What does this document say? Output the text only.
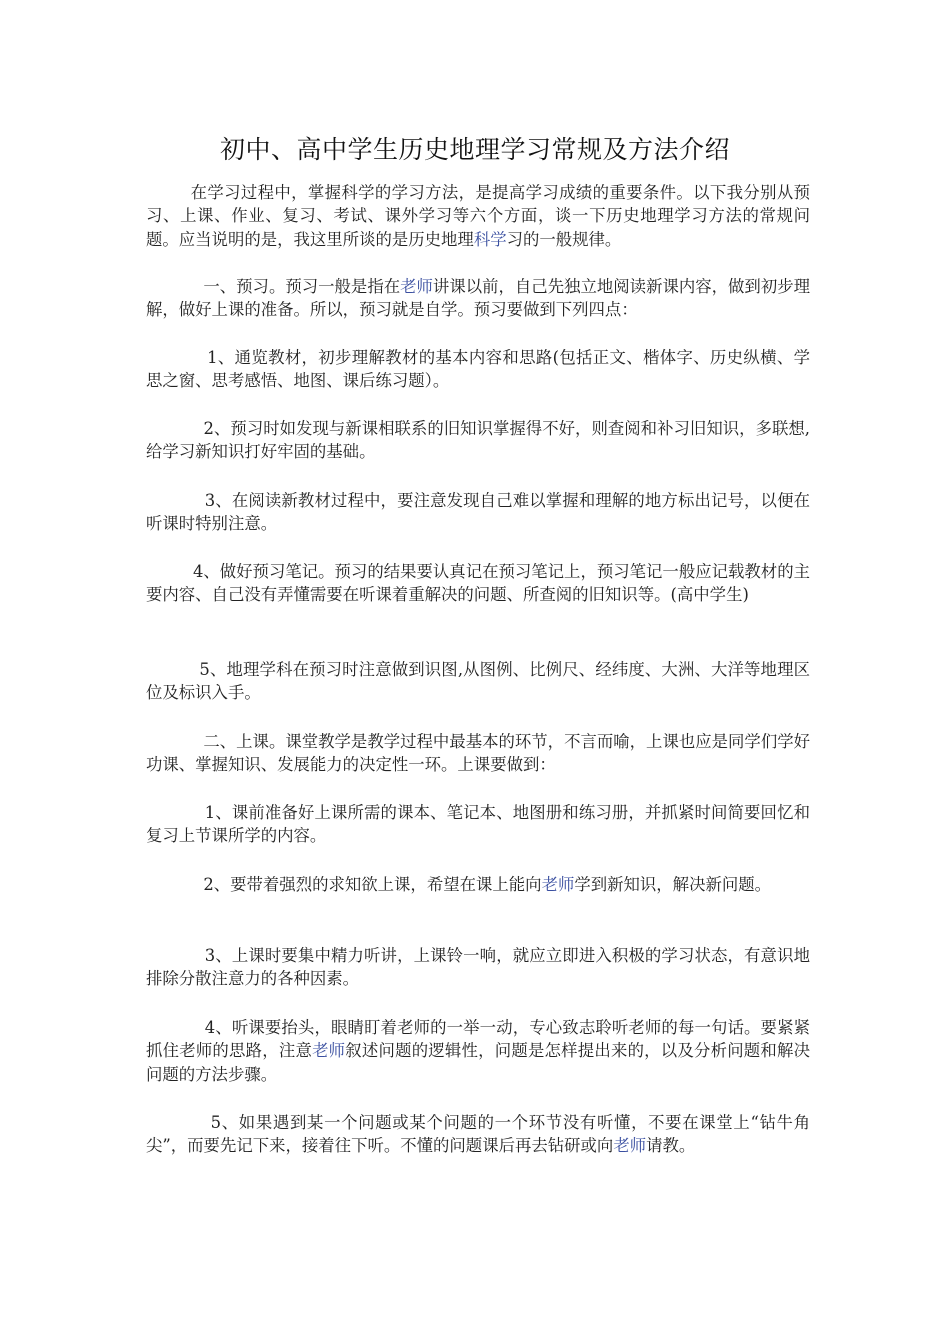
初中、高中学生历史地理学习常规及方法介绍

在学习过程中，掌握科学的学习方法，是提高学习成绩的重要条件。以下我分别从预习、上课、作业、复习、考试、课外学习等六个方面，谈一下历史地理学习方法的常规问题。应当说明的是，我这里所谈的是历史地理科学习的一般规律。

一、预习。预习一般是指在老师讲课以前，自己先独立地阅读新课内容，做到初步理解，做好上课的准备。所以，预习就是自学。预习要做到下列四点：

1、通览教材，初步理解教材的基本内容和思路(包括正文、楷体字、历史纵横、学思之窗、思考感悟、地图、课后练习题）。

2、预习时如发现与新课相联系的旧知识掌握得不好，则查阅和补习旧知识，多联想,给学习新知识打好牢固的基础。

3、在阅读新教材过程中，要注意发现自己难以掌握和理解的地方标出记号，以便在听课时特别注意。

4、做好预习笔记。预习的结果要认真记在预习笔记上，预习笔记一般应记载教材的主要内容、自己没有弄懂需要在听课着重解决的问题、所查阅的旧知识等。(高中学生)

5、地理学科在预习时注意做到识图,从图例、比例尺、经纬度、大洲、大洋等地理区位及标识入手。

二、上课。课堂教学是教学过程中最基本的环节，不言而喻，上课也应是同学们学好功课、掌握知识、发展能力的决定性一环。上课要做到：

1、课前准备好上课所需的课本、笔记本、地图册和练习册，并抓紧时间简要回忆和复习上节课所学的内容。

2、要带着强烈的求知欲上课，希望在课上能向老师学到新知识，解决新问题。

3、上课时要集中精力听讲，上课铃一响，就应立即进入积极的学习状态，有意识地排除分散注意力的各种因素。

4、听课要抬头，眼睛盯着老师的一举一动，专心致志聆听老师的每一句话。要紧紧抓住老师的思路，注意老师叙述问题的逻辑性，问题是怎样提出来的，以及分析问题和解决问题的方法步骤。

5、如果遇到某一个问题或某个问题的一个环节没有听懂，不要在课堂上“钻牛角尖”，而要先记下来，接着往下听。不懂的问题课后再去钻研或向老师请教。
